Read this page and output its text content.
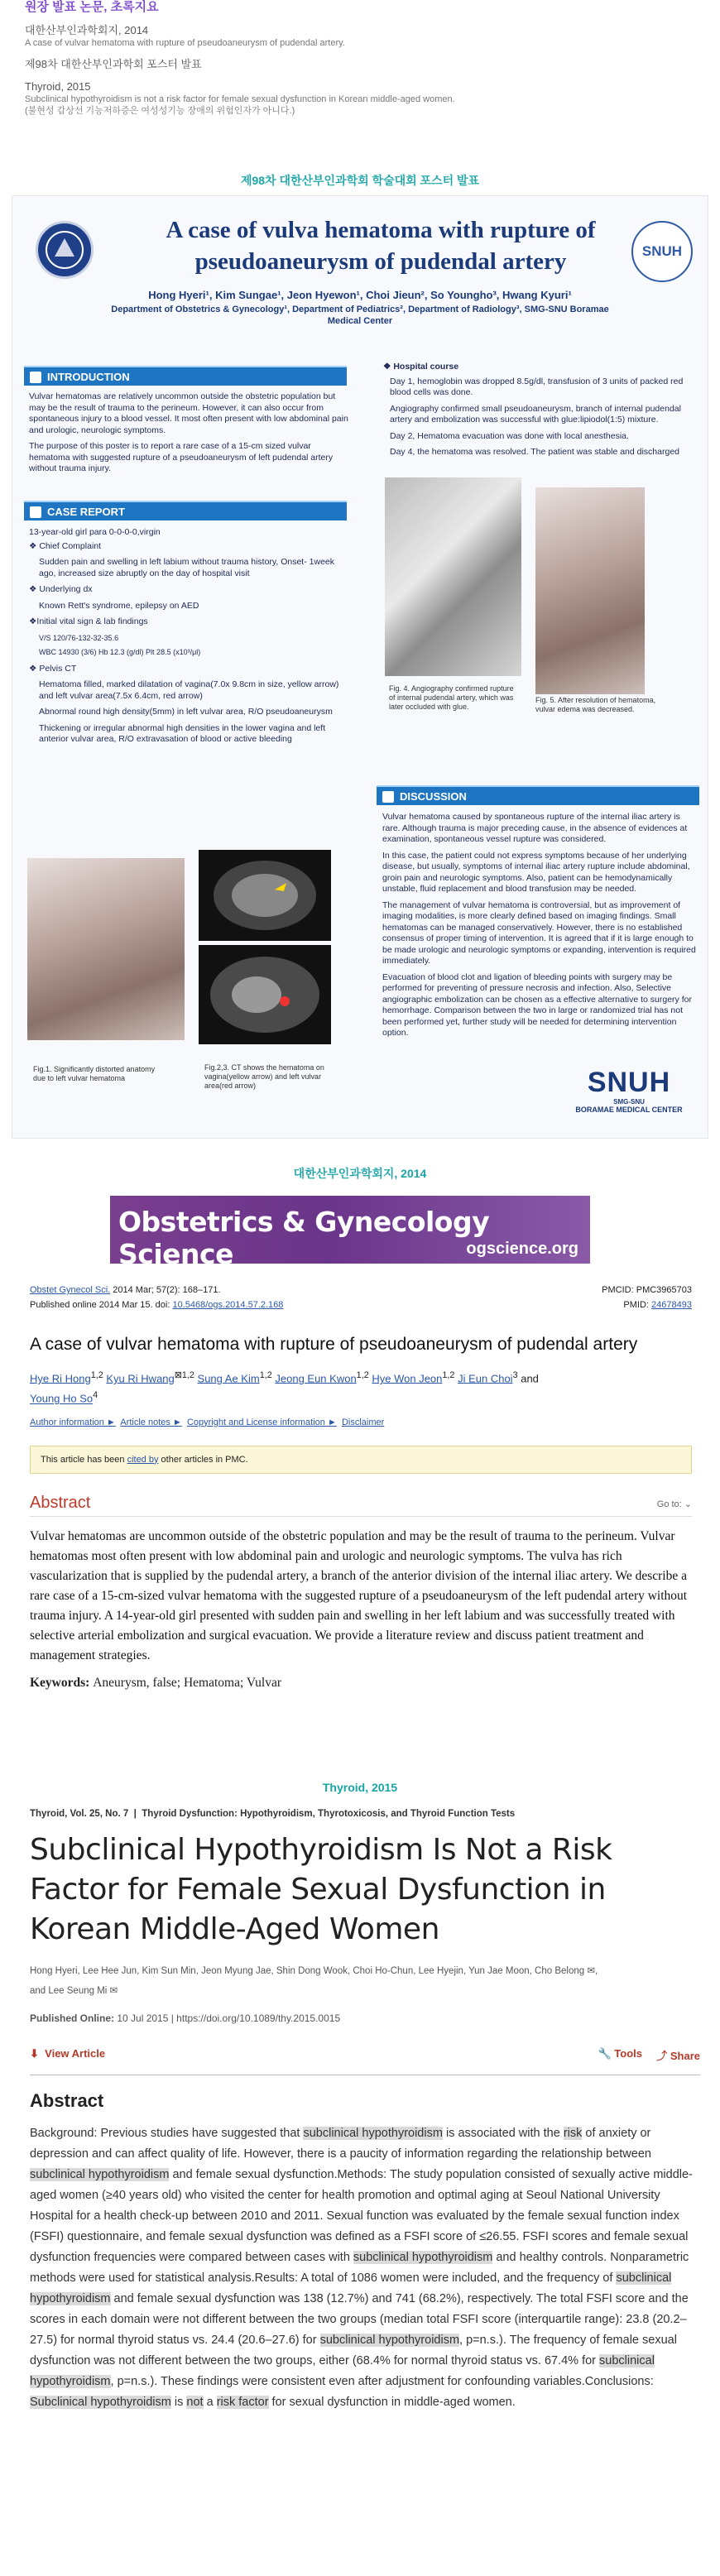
원장 발표 논문, 초록지요
대한산부인과학회지, 2014
A case of vulvar hematoma with rupture of pseudoaneurysm of pudendal artery.
제98차 대한산부인과학회 포스터 발표
Thyroid, 2015
Subclinical hypothyroidism is not a risk factor for female sexual dysfunction in Korean middle-aged women.
(불현성 갑상선 기능저하증은 여성성기능 장애의 위험인자가 아니다.)
제98차 대한산부인과학회 학술대회 포스터 발표
A case of vulva hematoma with rupture of pseudoaneurysm of pudendal artery	SNUH
Hong Hyeri¹, Kim Sungae¹, Jeon Hyewon¹, Choi Jieun², So Youngho³, Hwang Kyuri¹
Department of Obstetrics & Gynecology¹, Department of Pediatrics², Department of Radiology³, SMG-SNU Boramae Medical Center
INTRODUCTION

Vulvar hematomas are relatively uncommon outside the obstetric population but may be the result of trauma to the perineum. However, it can also occur from spontaneous injury to a blood vessel. It most often present with low abdominal pain and urologic, neurologic symptoms.

The purpose of this poster is to report a rare case of a 15-cm sized vulvar hematoma with suggested rupture of a pseudoaneurysm of left pudendal artery without trauma injury.

CASE REPORT
13-year-old girl para 0-0-0-0,virgin
❖ Chief Complaint
Sudden pain and swelling in left labium without trauma history, Onset- 1week ago, increased size abruptly on the day of hospital visit
❖ Underlying dx
Known Rett's syndrome, epilepsy on AED
❖Initial vital sign & lab findings
V/S 120/76-132-32-35.6
WBC 14930 (3/6) Hb 12.3 (g/dl) Plt 28.5 (x10³/μl)
❖ Pelvis CT
Hematoma filled, marked dilatation of vagina(7.0x 9.8cm in size, yellow arrow) and left vulvar area(7.5x 6.4cm, red arrow)
Abnormal round high density(5mm) in left vulvar area, R/O pseudoaneurysm
Thickening or irregular abnormal high densities in the lower vagina and left anterior vulvar area, R/O extravasation of blood or active bleeding
Fig.1. Significantly distorted anatomy due to left vulvar hematoma
Fig.2,3. CT shows the hematoma on vagina(yellow arrow) and left vulvar area(red arrow)
❖ Hospital course
Day 1, hemoglobin was dropped 8.5g/dl, transfusion of 3 units of packed red blood cells was done.
Angiography confirmed small pseudoaneurysm, branch of internal pudendal artery and embolization was successful with glue:lipiodol(1:5) mixture.
Day 2, Hematoma evacuation was done with local anesthesia.
Day 4, the hematoma was resolved. The patient was stable and discharged
Fig. 4. Angiography confirmed rupture of internal pudendal artery, which was later occluded with glue.
Fig. 5. After resolution of hematoma, vulvar edema was decreased.
DISCUSSION

Vulvar hematoma caused by spontaneous rupture of the internal iliac artery is rare. Although trauma is major preceding cause, in the absence of evidences at examination, spontaneous vessel rupture was considered.

In this case, the patient could not express symptoms because of her underlying disease, but usually, symptoms of internal iliac artery rupture include abdominal, groin pain and neurologic symptoms. Also, patient can be hemodynamically unstable, fluid replacement and blood transfusion may be needed.

The management of vulvar hematoma is controversial, but as improvement of imaging modalities, is more clearly defined based on imaging findings. Small hematomas can be managed conservatively. However, there is no established consensus of proper timing of intervention. It is agreed that if it is large enough to be made urologic and neurologic symptoms or expanding, intervention is required immediately.

Evacuation of blood clot and ligation of bleeding points with surgery may be performed for preventing of pressure necrosis and infection. Also, Selective angiographic embolization can be chosen as a effective alternative to surgery for hemorrhage. Comparison between the two in large or randomized trial has not been performed yet, further study will be needed for determining intervention option.

SNUH
SMG-SNU
BORAMAE MEDICAL CENTER
대한산부인과학회지, 2014
Obstetrics & Gynecology Science	ogscience.org
Obstet Gynecol Sci. 2014 Mar; 57(2): 168–171.
Published online 2014 Mar 15. doi: 10.5468/ogs.2014.57.2.168
PMCID: PMC3965703
PMID: 24678493
A case of vulvar hematoma with rupture of pseudoaneurysm of pudendal artery
Hye Ri Hong$^{1,2}$ Kyu Ri Hwang$^{⊠1,2}$ Sung Ae Kim$^{1,2}$ Jeong Eun Kwon$^{1,2}$ Hye Won Jeon$^{1,2}$ Ji Eun Choi$^3$ and
Young Ho So$^4$
Author information ► Article notes ► Copyright and License information ► Disclaimer
This article has been cited by other articles in PMC.
Abstract	Go to: ⌄
Vulvar hematomas are uncommon outside of the obstetric population and may be the result of trauma to the perineum. Vulvar hematomas most often present with low abdominal pain and urologic and neurologic symptoms. The vulva has rich vascularization that is supplied by the pudendal artery, a branch of the anterior division of the internal iliac artery. We describe a rare case of a 15-cm-sized vulvar hematoma with the suggested rupture of a pseudoaneurysm of the left pudendal artery without trauma injury. A 14-year-old girl presented with sudden pain and swelling in her left labium and was successfully treated with selective arterial embolization and surgical evacuation. We provide a literature review and discuss patient treatment and management strategies.
Keywords: Aneurysm, false; Hematoma; Vulvar
Thyroid, 2015
Thyroid, Vol. 25, No. 7  |  Thyroid Dysfunction: Hypothyroidism, Thyrotoxicosis, and Thyroid Function Tests
Subclinical Hypothyroidism Is Not a Risk Factor for Female Sexual Dysfunction in Korean Middle-Aged Women
Hong Hyeri, Lee Hee Jun, Kim Sun Min, Jeon Myung Jae, Shin Dong Wook, Choi Ho-Chun, Lee Hyejin, Yun Jae Moon, Cho Belong ✉,
and Lee Seung Mi ✉
Published Online: 10 Jul 2015 | https://doi.org/10.1089/thy.2015.0015
⬇ View Article	🔧 Tools ⤴ Share
Abstract
Background: Previous studies have suggested that subclinical hypothyroidism is associated with the risk of anxiety or depression and can affect quality of life. However, there is a paucity of information regarding the relationship between subclinical hypothyroidism and female sexual dysfunction.Methods: The study population consisted of sexually active middle-aged women (≥40 years old) who visited the center for health promotion and optimal aging at Seoul National University Hospital for a health check-up between 2010 and 2011. Sexual function was evaluated by the female sexual function index (FSFI) questionnaire, and female sexual dysfunction was defined as a FSFI score of ≤26.55. FSFI scores and female sexual dysfunction frequencies were compared between cases with subclinical hypothyroidism and healthy controls. Nonparametric methods were used for statistical analysis.Results: A total of 1086 women were included, and the frequency of subclinical hypothyroidism and female sexual dysfunction was 138 (12.7%) and 741 (68.2%), respectively. The total FSFI score and the scores in each domain were not different between the two groups (median total FSFI score (interquartile range): 23.8 (20.2–27.5) for normal thyroid status vs. 24.4 (20.6–27.6) for subclinical hypothyroidism, p=n.s.). The frequency of female sexual dysfunction was not different between the two groups, either (68.4% for normal thyroid status vs. 67.4% for subclinical hypothyroidism, p=n.s.). These findings were consistent even after adjustment for confounding variables.Conclusions: Subclinical hypothyroidism is not a risk factor for sexual dysfunction in middle-aged women.
